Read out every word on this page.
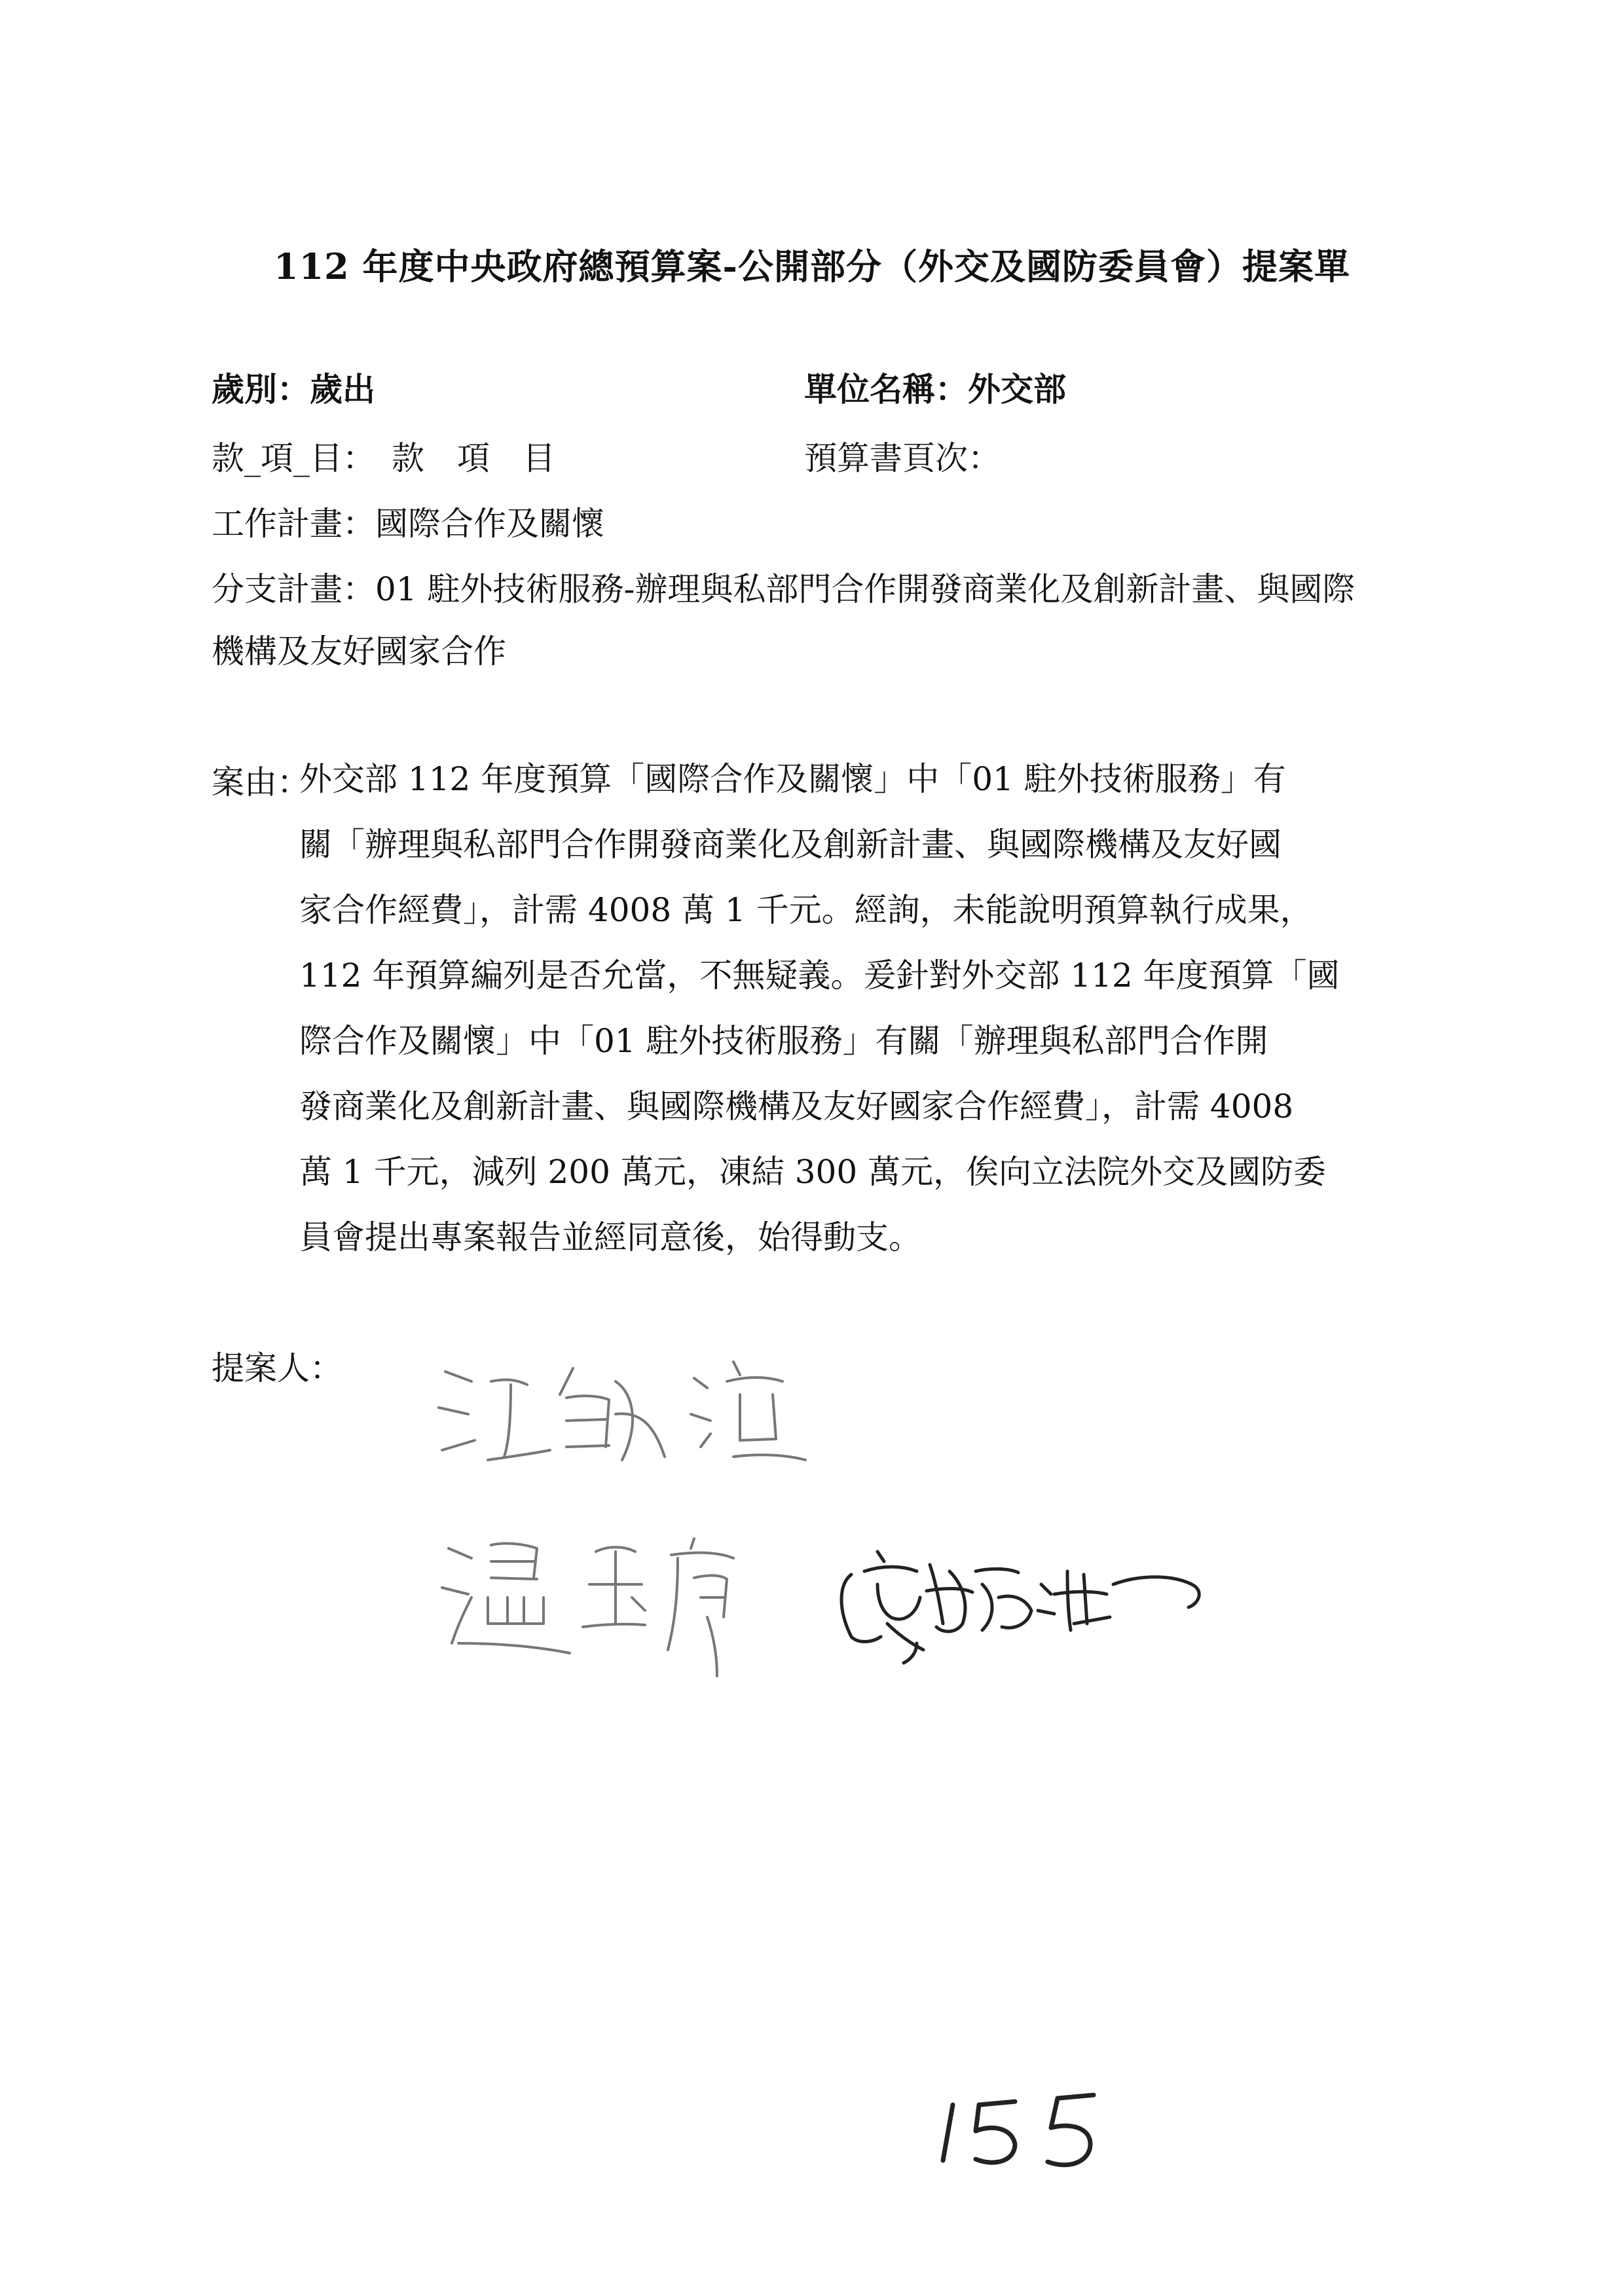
112 年度中央政府總預算案-公開部分（外交及國防委員會）提案單
歲別：歲出	單位名稱：外交部
款_項_目：　款　項　目	預算書頁次：
工作計畫：國際合作及關懷
分支計畫：01 駐外技術服務-辦理與私部門合作開發商業化及創新計畫、與國際
機構及友好國家合作
案由：
外交部 112 年度預算「國際合作及關懷」中「01 駐外技術服務」有
關「辦理與私部門合作開發商業化及創新計畫、與國際機構及友好國
家合作經費」，計需 4008 萬 1 千元。經詢，未能說明預算執行成果，
112 年預算編列是否允當，不無疑義。爰針對外交部 112 年度預算「國
際合作及關懷」中「01 駐外技術服務」有關「辦理與私部門合作開
發商業化及創新計畫、與國際機構及友好國家合作經費」，計需 4008
萬 1 千元，減列 200 萬元，凍結 300 萬元，俟向立法院外交及國防委
員會提出專案報告並經同意後，始得動支。
提案人：
